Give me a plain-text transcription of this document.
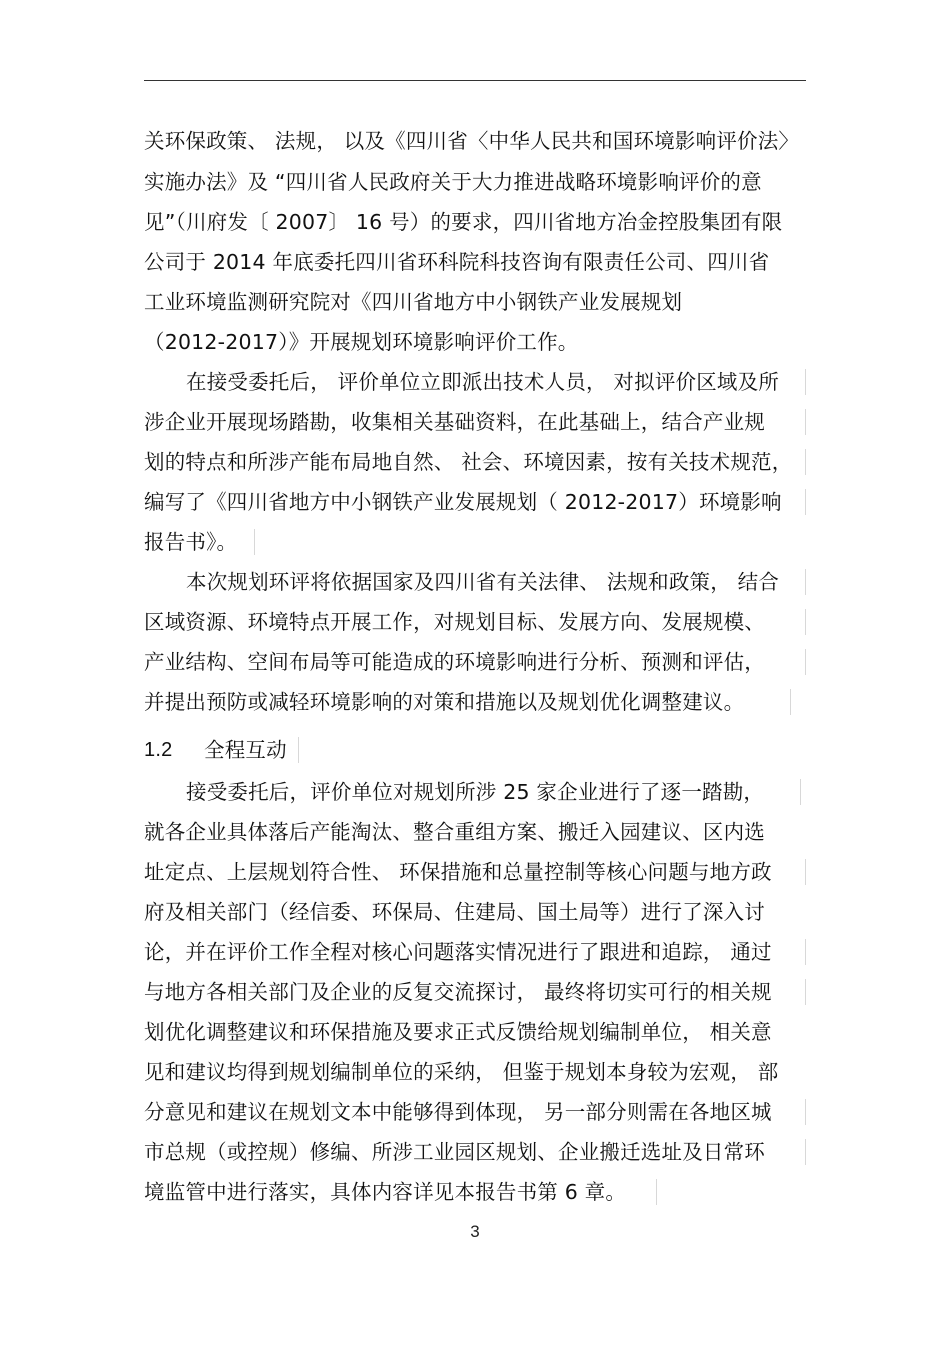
关环保政策、 法规， 以及《四川省〈中华人民共和国环境影响评价法〉
实施办法》及 “四川省人民政府关于大力推进战略环境影响评价的意
见”（川府发〔 2007〕 16 号）的要求，四川省地方冶金控股集团有限
公司于 2014 年底委托四川省环科院科技咨询有限责任公司、四川省
工业环境监测研究院对《四川省地方中小钢铁产业发展规划
（2012-2017）》开展规划环境影响评价工作。
在接受委托后， 评价单位立即派出技术人员， 对拟评价区域及所
涉企业开展现场踏勘，收集相关基础资料，在此基础上，结合产业规
划的特点和所涉产能布局地自然、 社会、环境因素，按有关技术规范，
编写了《四川省地方中小钢铁产业发展规划（ 2012-2017）环境影响
报告书》。
本次规划环评将依据国家及四川省有关法律、 法规和政策， 结合
区域资源、环境特点开展工作，对规划目标、发展方向、发展规模、
产业结构、空间布局等可能造成的环境影响进行分析、预测和评估，
并提出预防或减轻环境影响的对策和措施以及规划优化调整建议。
1.2 全程互动
接受委托后，评价单位对规划所涉 25 家企业进行了逐一踏勘，
就各企业具体落后产能淘汰、整合重组方案、搬迁入园建议、区内选
址定点、上层规划符合性、 环保措施和总量控制等核心问题与地方政
府及相关部门（经信委、环保局、住建局、国土局等）进行了深入讨
论，并在评价工作全程对核心问题落实情况进行了跟进和追踪， 通过
与地方各相关部门及企业的反复交流探讨， 最终将切实可行的相关规
划优化调整建议和环保措施及要求正式反馈给规划编制单位， 相关意
见和建议均得到规划编制单位的采纳， 但鉴于规划本身较为宏观， 部
分意见和建议在规划文本中能够得到体现， 另一部分则需在各地区城
市总规（或控规）修编、所涉工业园区规划、企业搬迁选址及日常环
境监管中进行落实，具体内容详见本报告书第 6 章。
3
